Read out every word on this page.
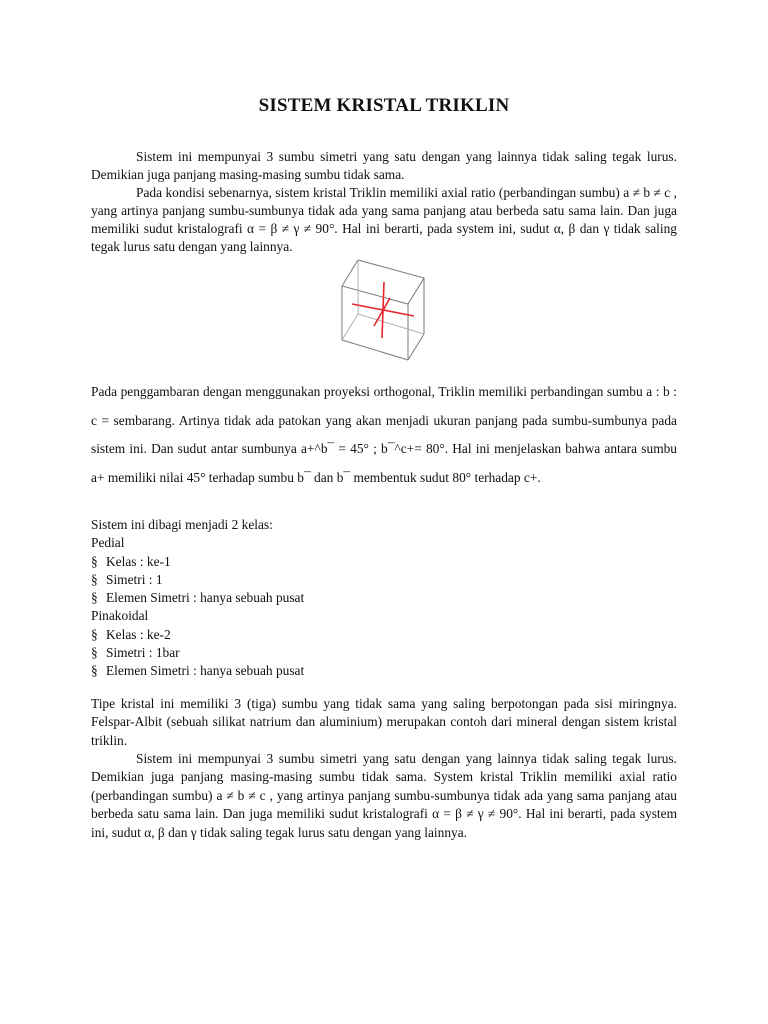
SISTEM KRISTAL TRIKLIN

Sistem ini mempunyai 3 sumbu simetri yang satu dengan yang lainnya tidak saling tegak lurus. Demikian juga panjang masing-masing sumbu tidak sama.

Pada kondisi sebenarnya, sistem kristal Triklin memiliki axial ratio (perbandingan sumbu) a ≠ b ≠ c , yang artinya panjang sumbu-sumbunya tidak ada yang sama panjang atau berbeda satu sama lain. Dan juga memiliki sudut kristalografi α = β ≠ γ ≠ 90°. Hal ini berarti, pada system ini, sudut α, β dan γ tidak saling tegak lurus satu dengan yang lainnya.

Pada penggambaran dengan menggunakan proyeksi orthogonal, Triklin memiliki perbandingan sumbu a : b : c = sembarang. Artinya tidak ada patokan yang akan menjadi ukuran panjang pada sumbu-sumbunya pada sistem ini. Dan sudut antar sumbunya a+^b¯ = 45° ; b¯^c+= 80°. Hal ini menjelaskan bahwa antara sumbu a+ memiliki nilai 45° terhadap sumbu b¯ dan b¯ membentuk sudut 80° terhadap c+.

Sistem ini dibagi menjadi 2 kelas:
Pedial
§ Kelas : ke-1
§ Simetri : 1
§ Elemen Simetri : hanya sebuah pusat
Pinakoidal
§ Kelas : ke-2
§ Simetri : 1bar
§ Elemen Simetri : hanya sebuah pusat

Tipe kristal ini memiliki 3 (tiga) sumbu yang tidak sama yang saling berpotongan pada sisi miringnya. Felspar-Albit (sebuah silikat natrium dan aluminium) merupakan contoh dari mineral dengan sistem kristal triklin.

Sistem ini mempunyai 3 sumbu simetri yang satu dengan yang lainnya tidak saling tegak lurus. Demikian juga panjang masing-masing sumbu tidak sama. System kristal Triklin memiliki axial ratio (perbandingan sumbu) a ≠ b ≠ c , yang artinya panjang sumbu-sumbunya tidak ada yang sama panjang atau berbeda satu sama lain. Dan juga memiliki sudut kristalografi α = β ≠ γ ≠ 90°. Hal ini berarti, pada system ini, sudut α, β dan γ tidak saling tegak lurus satu dengan yang lainnya.
